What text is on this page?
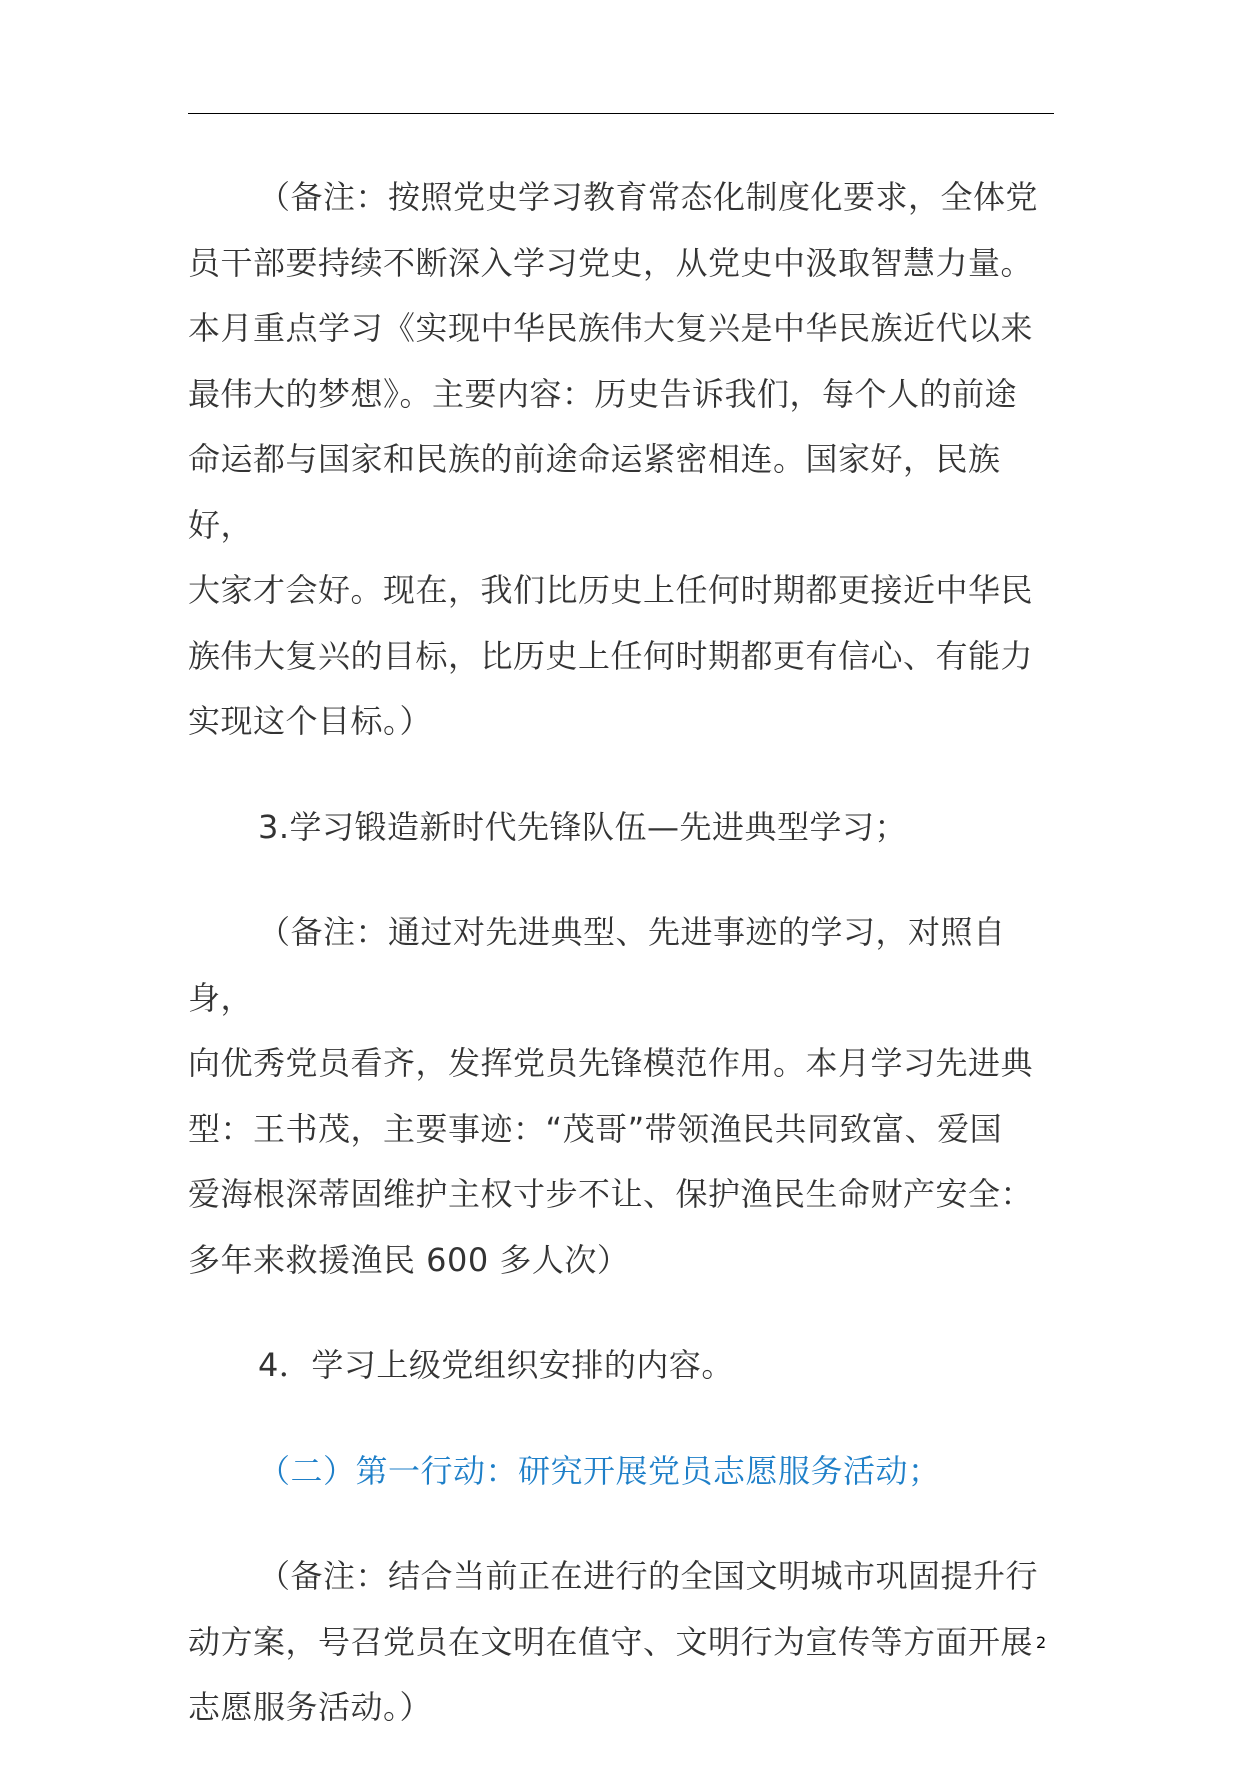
（备注：按照党史学习教育常态化制度化要求，全体党
员干部要持续不断深入学习党史，从党史中汲取智慧力量。
本月重点学习《实现中华民族伟大复兴是中华民族近代以来
最伟大的梦想》。主要内容：历史告诉我们，每个人的前途
命运都与国家和民族的前途命运紧密相连。国家好，民族好，
大家才会好。现在，我们比历史上任何时期都更接近中华民
族伟大复兴的目标，比历史上任何时期都更有信心、有能力
实现这个目标。）

3.学习锻造新时代先锋队伍—先进典型学习；

（备注：通过对先进典型、先进事迹的学习，对照自身，
向优秀党员看齐，发挥党员先锋模范作用。本月学习先进典
型：王书茂，主要事迹：“茂哥”带领渔民共同致富、爱国
爱海根深蒂固维护主权寸步不让、保护渔民生命财产安全：
多年来救援渔民 600 多人次）

4．学习上级党组织安排的内容。

（二）第一行动：研究开展党员志愿服务活动；

（备注：结合当前正在进行的全国文明城市巩固提升行
动方案，号召党员在文明在值守、文明行为宣传等方面开展
志愿服务活动。）

2
